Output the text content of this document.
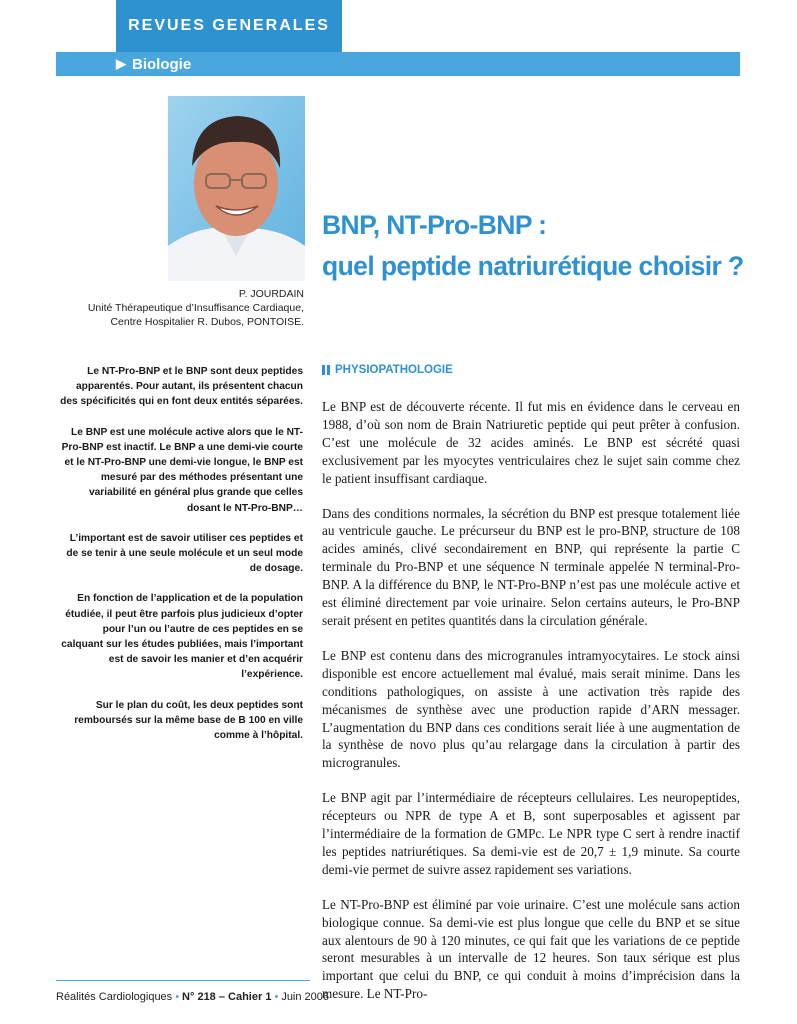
REVUES GENERALES
▶ Biologie
P. JOURDAIN
Unité Thérapeutique d’Insuffisance Cardiaque,
Centre Hospitalier R. Dubos, PONTOISE.
BNP, NT-Pro-BNP :
quel peptide natriurétique choisir ?

Le NT-Pro-BNP et le BNP sont deux peptides apparentés. Pour autant, ils présentent chacun des spécificités qui en font deux entités séparées.

Le BNP est une molécule active alors que le NT-Pro-BNP est inactif. Le BNP a une demi-vie courte et le NT-Pro-BNP une demi-vie longue, le BNP est mesuré par des méthodes présentant une variabilité en général plus grande que celles dosant le NT-Pro-BNP…

L’important est de savoir utiliser ces peptides et de se tenir à une seule molécule et un seul mode de dosage.

En fonction de l’application et de la population étudiée, il peut être parfois plus judicieux d’opter pour l’un ou l’autre de ces peptides en se calquant sur les études publiées, mais l’important est de savoir les manier et d’en acquérir l’expérience.

Sur le plan du coût, les deux peptides sont remboursés sur la même base de B 100 en ville comme à l’hôpital.

PHYSIOPATHOLOGIE

Le BNP est de découverte récente. Il fut mis en évidence dans le cerveau en 1988, d’où son nom de Brain Natriuretic peptide qui peut prêter à confusion. C’est une molécule de 32 acides aminés. Le BNP est sécrété quasi exclusivement par les myocytes ventriculaires chez le sujet sain comme chez le patient insuffisant cardiaque.

Dans des conditions normales, la sécrétion du BNP est presque totalement liée au ventricule gauche. Le précurseur du BNP est le pro-BNP, structure de 108 acides aminés, clivé secondairement en BNP, qui représente la partie C terminale du Pro-BNP et une séquence N terminale appelée N terminal-Pro-BNP. A la différence du BNP, le NT-Pro-BNP n’est pas une molécule active et est éliminé directement par voie urinaire. Selon certains auteurs, le Pro-BNP serait présent en petites quantités dans la circulation générale.

Le BNP est contenu dans des microgranules intramyocytaires. Le stock ainsi disponible est encore actuellement mal évalué, mais serait minime. Dans les conditions pathologiques, on assiste à une activation très rapide des mécanismes de synthèse avec une production rapide d’ARN messager. L’augmentation du BNP dans ces conditions serait liée à une augmentation de la synthèse de novo plus qu’au relargage dans la circulation à partir des microgranules.

Le BNP agit par l’intermédiaire de récepteurs cellulaires. Les neuropeptides, récepteurs ou NPR de type A et B, sont superposables et agissent par l’intermédiaire de la formation de GMPc. Le NPR type C sert à rendre inactif les peptides natriurétiques. Sa demi-vie est de 20,7 ± 1,9 minute. Sa courte demi-vie permet de suivre assez rapidement ses variations.

Le NT-Pro-BNP est éliminé par voie urinaire. C’est une molécule sans action biologique connue. Sa demi-vie est plus longue que celle du BNP et se situe aux alentours de 90 à 120 minutes, ce qui fait que les variations de ce peptide seront mesurables à un intervalle de 12 heures. Son taux sérique est plus important que celui du BNP, ce qui conduit à moins d’imprécision dans la mesure. Le NT-Pro-

Réalités Cardiologiques • N° 218 – Cahier 1 • Juin 2006
